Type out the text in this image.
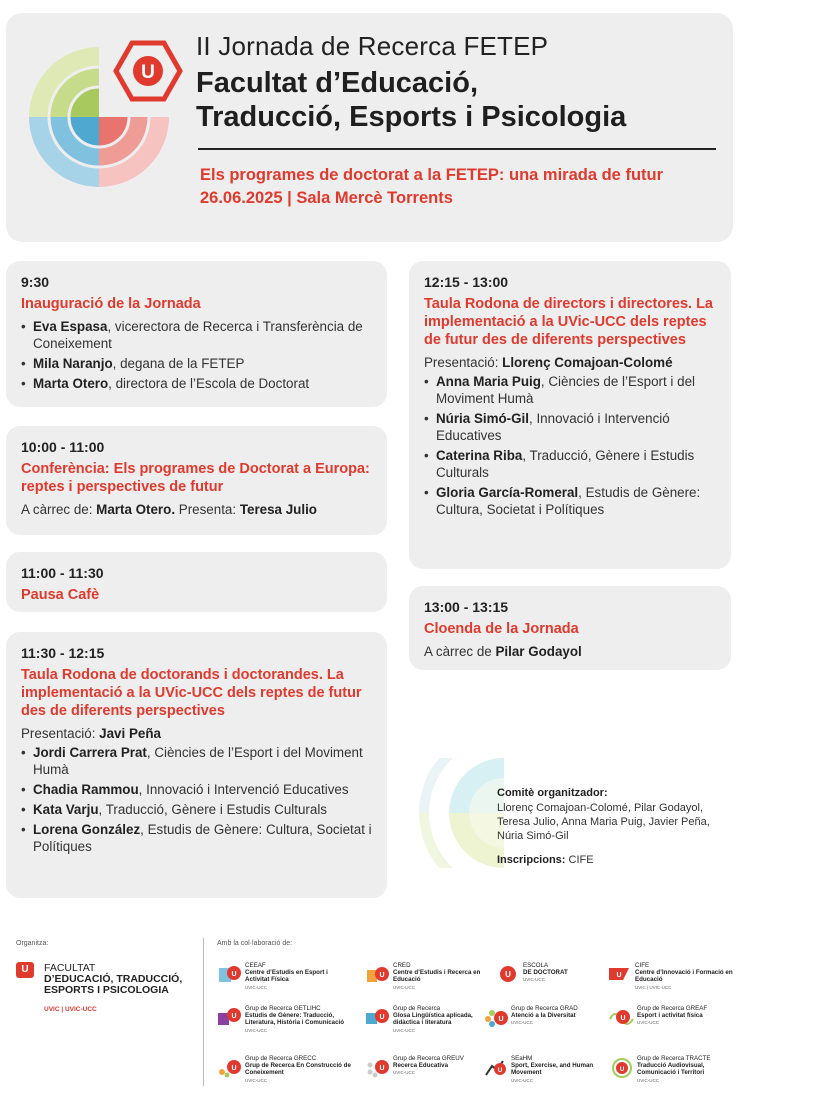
U
II Jornada de Recerca FETEP
Facultat d’Educació,
Traducció, Esports i Psicologia
Els programes de doctorat a la FETEP: una mirada de futur
26.06.2025 | Sala Mercè Torrents
9:30
Inauguració de la Jornada
• Eva Espasa, vicerectora de Recerca i Transferència de Coneixement
• Mila Naranjo, degana de la FETEP
• Marta Otero, directora de l’Escola de Doctorat
10:00 - 11:00
Conferència: Els programes de Doctorat a Europa: reptes i perspectives de futur
A càrrec de: Marta Otero. Presenta: Teresa Julio
11:00 - 11:30
Pausa Cafè
11:30 - 12:15
Taula Rodona de doctorands i doctorandes. La implementació a la UVic-UCC dels reptes de futur des de diferents perspectives
Presentació: Javi Peña
• Jordi Carrera Prat, Ciències de l’Esport i del Moviment Humà
• Chadia Rammou, Innovació i Intervenció Educatives
• Kata Varju, Traducció, Gènere i Estudis Culturals
• Lorena González, Estudis de Gènere: Cultura, Societat i Polítiques
12:15 - 13:00
Taula Rodona de directors i directores. La implementació a la UVic-UCC dels reptes de futur des de diferents perspectives
Presentació: Llorenç Comajoan-Colomé
• Anna Maria Puig, Ciències de l’Esport i del Moviment Humà
• Núria Simó-Gil, Innovació i Intervenció Educatives
• Caterina Riba, Traducció, Gènere i Estudis Culturals
• Gloria García-Romeral, Estudis de Gènere: Cultura, Societat i Polítiques
13:00 - 13:15
Cloenda de la Jornada
A càrrec de Pilar Godayol
Comitè organitzador:
Llorenç Comajoan-Colomé, Pilar Godayol, Teresa Julio, Anna Maria Puig, Javier Peña, Núria Simó-Gil
Inscripcions: CIFE
Organitza:
U	FACULTAT
D’EDUCACIÓ, TRADUCCIÓ,
ESPORTS I PSICOLOGIA
UVIC | UVIC-UCC
Amb la col·laboració de:
U
CEEAF
Centre d’Estudis en Esport i Activitat Física
UVIC-UCC
U
CRED
Centre d’Estudis i Recerca en Educació
UVIC-UCC
U
ESCOLA
DE DOCTORAT
UVIC-UCC
U
CIFE
Centre d’Innovació i Formació en Educació
UVIC | UVIC-UCC
U
Grup de Recerca GETLIHC
Estudis de Gènere: Traducció, Literatura, Història i Comunicació
UVIC-UCC
U
Grup de Recerca
Glosa Lingüística aplicada, didàctica i literatura
UVIC-UCC
U
Grup de Recerca GRAD
Atenció a la Diversitat
UVIC-UCC
U
Grup de Recerca GREAF
Esport i activitat física
UVIC-UCC
U
Grup de Recerca GRECC
Grup de Recerca En Construcció de Coneixement
UVIC-UCC
U
Grup de Recerca GREUV
Recerca Educativa
UVIC-UCC	U
SEaHM
Sport, Exercise, and Human Movement
UVIC-UCC
U
Grup de Recerca TRACTE
Traducció Audiovisual, Comunicació i Territori
UVIC-UCC
